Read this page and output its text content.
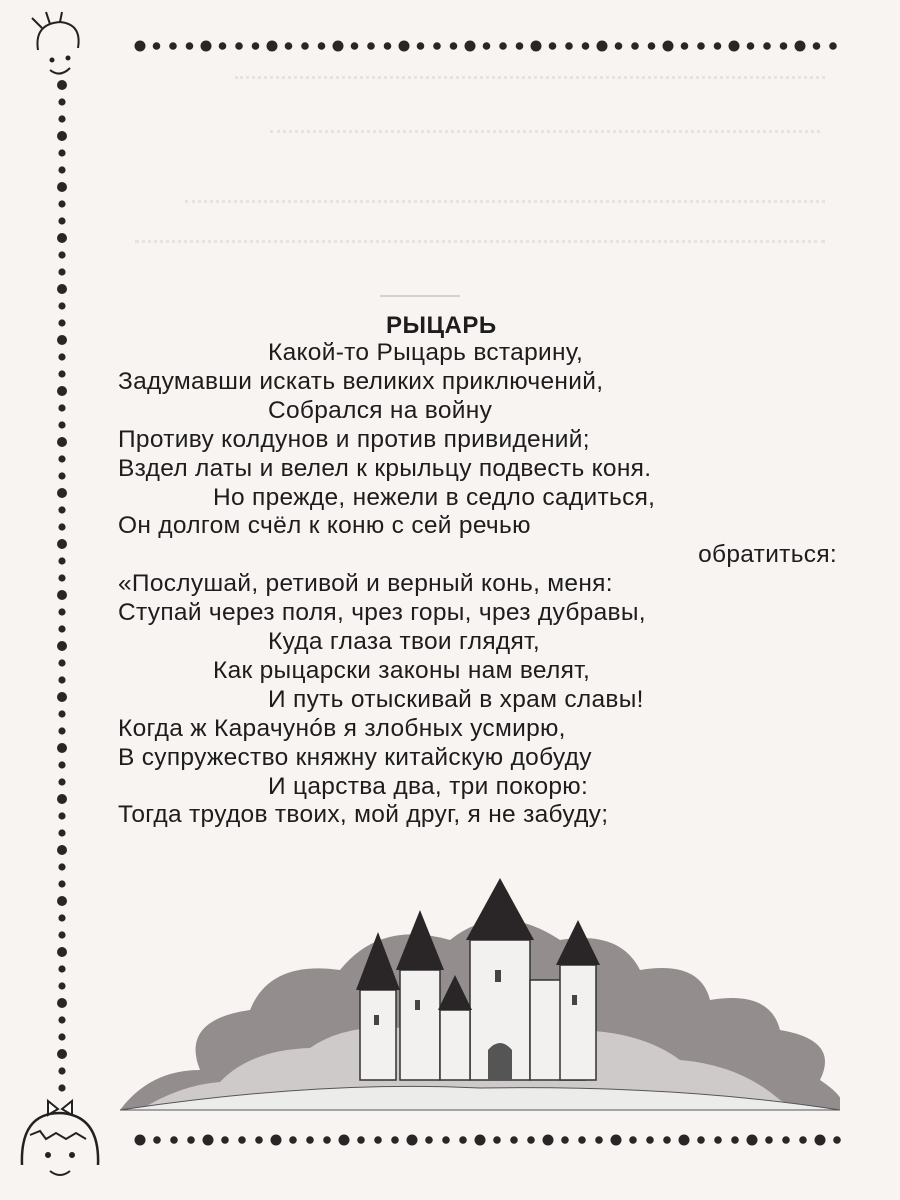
РЫЦАРЬ
Какой-то Рыцарь встарину,
Задумавши искать великих приключений,
Собрался на войну
Противу колдунов и против привидений;
Вздел латы и велел к крыльцу подвесть коня.
Но прежде, нежели в седло садиться,
Он долгом счёл к коню с сей речью
обратиться:
«Послушай, ретивой и верный конь, меня:
Ступай через поля, чрез горы, чрез дубравы,
Куда глаза твои глядят,
Как рыцарски законы нам велят,
И путь отыскивай в храм славы!
Когда ж Карачунóв я злобных усмирю,
В супружество княжну китайскую добуду
И царства два, три покорю:
Тогда трудов твоих, мой друг, я не забуду;
